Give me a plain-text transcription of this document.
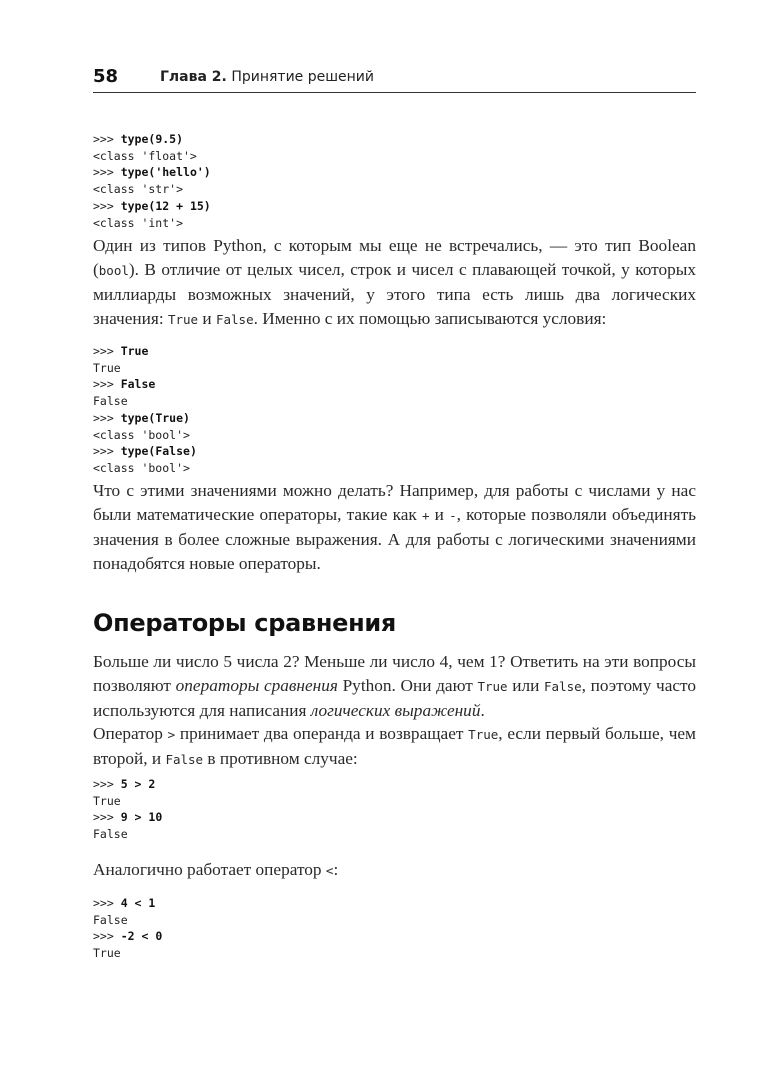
58	Глава 2. Принятие решений
>>> type(9.5)
<class 'float'>
>>> type('hello')
<class 'str'>
>>> type(12 + 15)
<class 'int'>

Один из типов Python, с которым мы еще не встречались, — это тип Boolean (bool). В отличие от целых чисел, строк и чисел с плавающей точкой, у которых миллиарды возможных значений, у этого типа есть лишь два логических значения: True и False. Именно с их помощью записываются условия:

>>> True
True
>>> False
False
>>> type(True)
<class 'bool'>
>>> type(False)
<class 'bool'>

Что с этими значениями можно делать? Например, для работы с числами у нас были математические операторы, такие как + и -, которые позволяли объединять значения в более сложные выражения. А для работы с логическими значениями понадобятся новые операторы.

Операторы сравнения

Больше ли число 5 числа 2? Меньше ли число 4, чем 1? Ответить на эти вопросы позволяют операторы сравнения Python. Они дают True или False, поэтому часто используются для написания логических выражений.

Оператор > принимает два операнда и возвращает True, если первый больше, чем второй, и False в противном случае:

>>> 5 > 2
True
>>> 9 > 10
False

Аналогично работает оператор <:

>>> 4 < 1
False
>>> -2 < 0
True
